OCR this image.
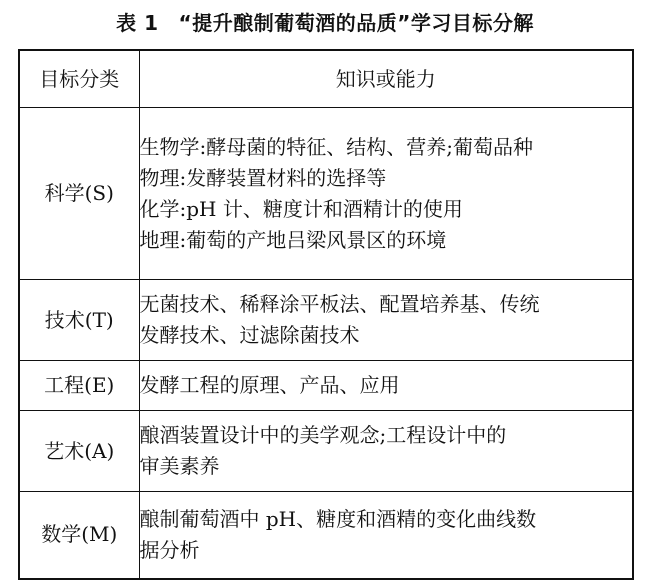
表 1 “提升酿制葡萄酒的品质”学习目标分解
目标分类	知识或能力
科学(S)	生物学:酵母菌的特征、结构、营养;葡萄品种
物理:发酵装置材料的选择等
化学:pH 计、糖度计和酒精计的使用
地理:葡萄的产地吕梁风景区的环境

技术(T)	无菌技术、稀释涂平板法、配置培养基、传统
发酵技术、过滤除菌技术

工程(E)	发酵工程的原理、产品、应用

艺术(A)	酿酒装置设计中的美学观念;工程设计中的
审美素养

数学(M)	酿制葡萄酒中 pH、糖度和酒精的变化曲线数
据分析
